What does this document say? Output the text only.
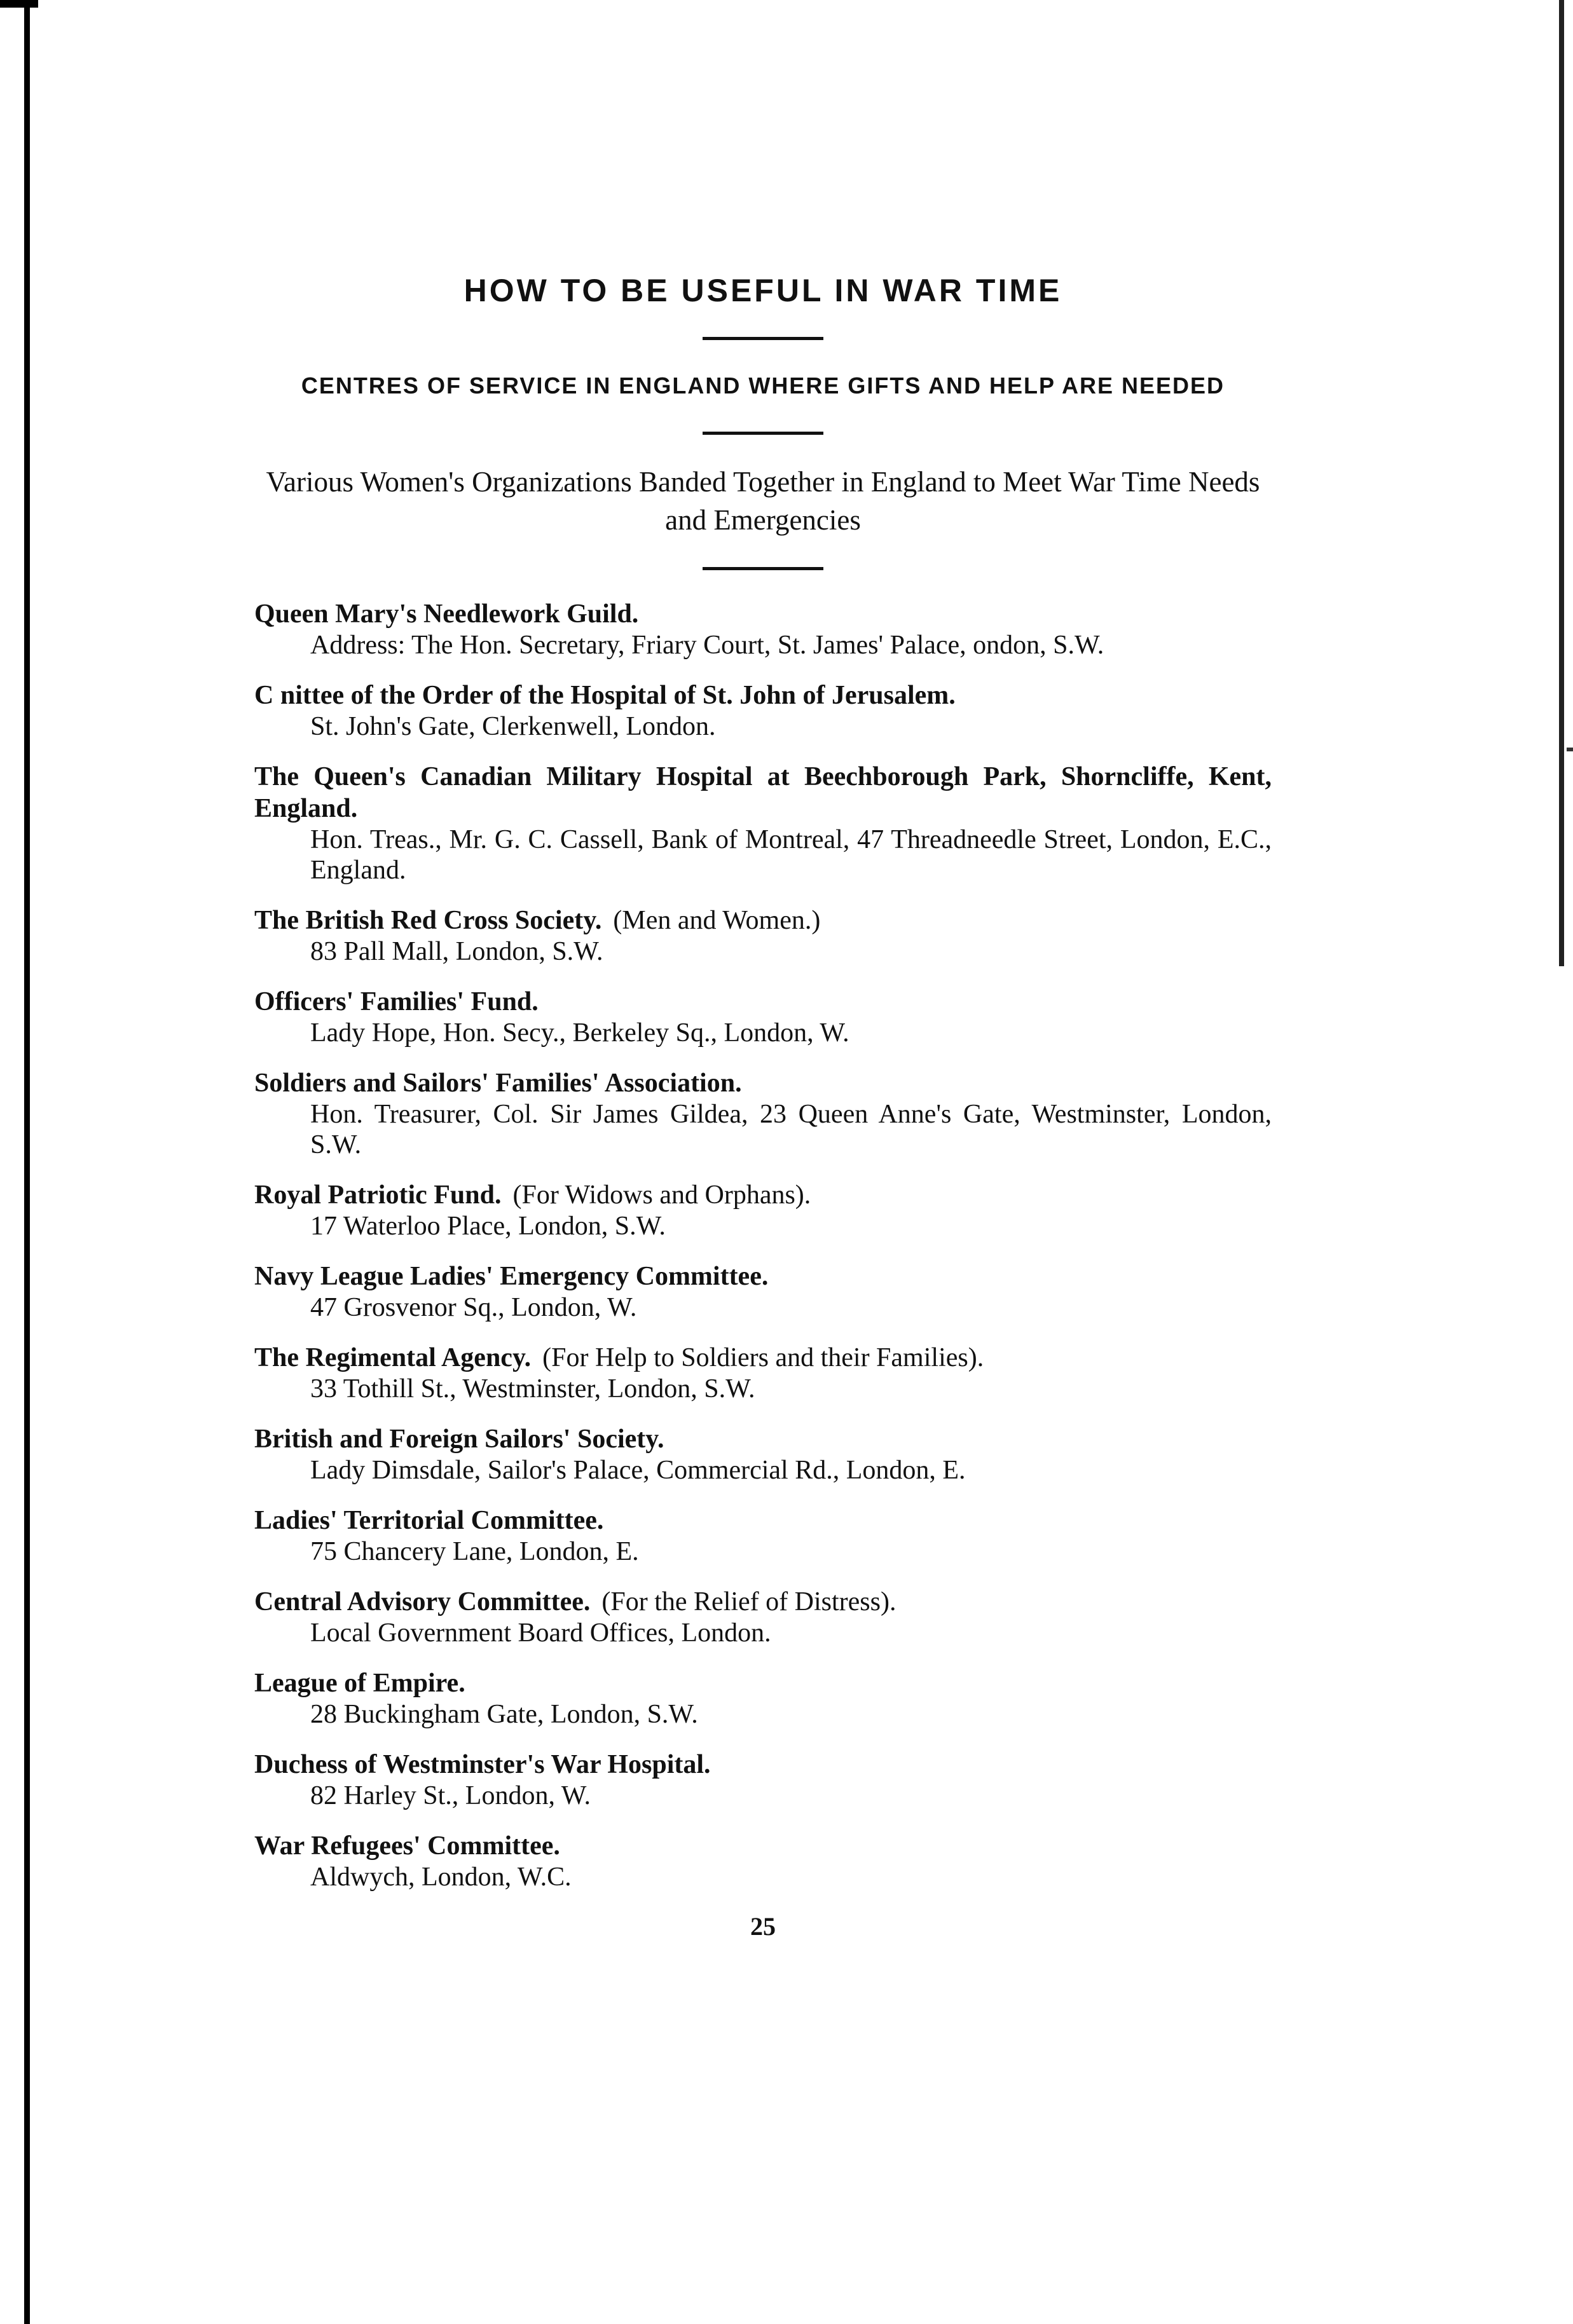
HOW TO BE USEFUL IN WAR TIME
CENTRES OF SERVICE IN ENGLAND WHERE GIFTS AND HELP ARE NEEDED
Various Women's Organizations Banded Together in England to Meet War Time Needs and Emergencies
Queen Mary's Needlework Guild.
Address: The Hon. Secretary, Friary Court, St. James' Palace, ondon, S.W.
C nittee of the Order of the Hospital of St. John of Jerusalem.
St. John's Gate, Clerkenwell, London.
The Queen's Canadian Military Hospital at Beechborough Park, Shorncliffe, Kent, England.
Hon. Treas., Mr. G. C. Cassell, Bank of Montreal, 47 Threadneedle Street, London, E.C., England.
The British Red Cross Society. (Men and Women.)
83 Pall Mall, London, S.W.
Officers' Families' Fund.
Lady Hope, Hon. Secy., Berkeley Sq., London, W.
Soldiers and Sailors' Families' Association.
Hon. Treasurer, Col. Sir James Gildea, 23 Queen Anne's Gate, Westminster, London, S.W.
Royal Patriotic Fund. (For Widows and Orphans).
17 Waterloo Place, London, S.W.
Navy League Ladies' Emergency Committee.
47 Grosvenor Sq., London, W.
The Regimental Agency. (For Help to Soldiers and their Families).
33 Tothill St., Westminster, London, S.W.
British and Foreign Sailors' Society.
Lady Dimsdale, Sailor's Palace, Commercial Rd., London, E.
Ladies' Territorial Committee.
75 Chancery Lane, London, E.
Central Advisory Committee. (For the Relief of Distress).
Local Government Board Offices, London.
League of Empire.
28 Buckingham Gate, London, S.W.
Duchess of Westminster's War Hospital.
82 Harley St., London, W.
War Refugees' Committee.
Aldwych, London, W.C.
25
